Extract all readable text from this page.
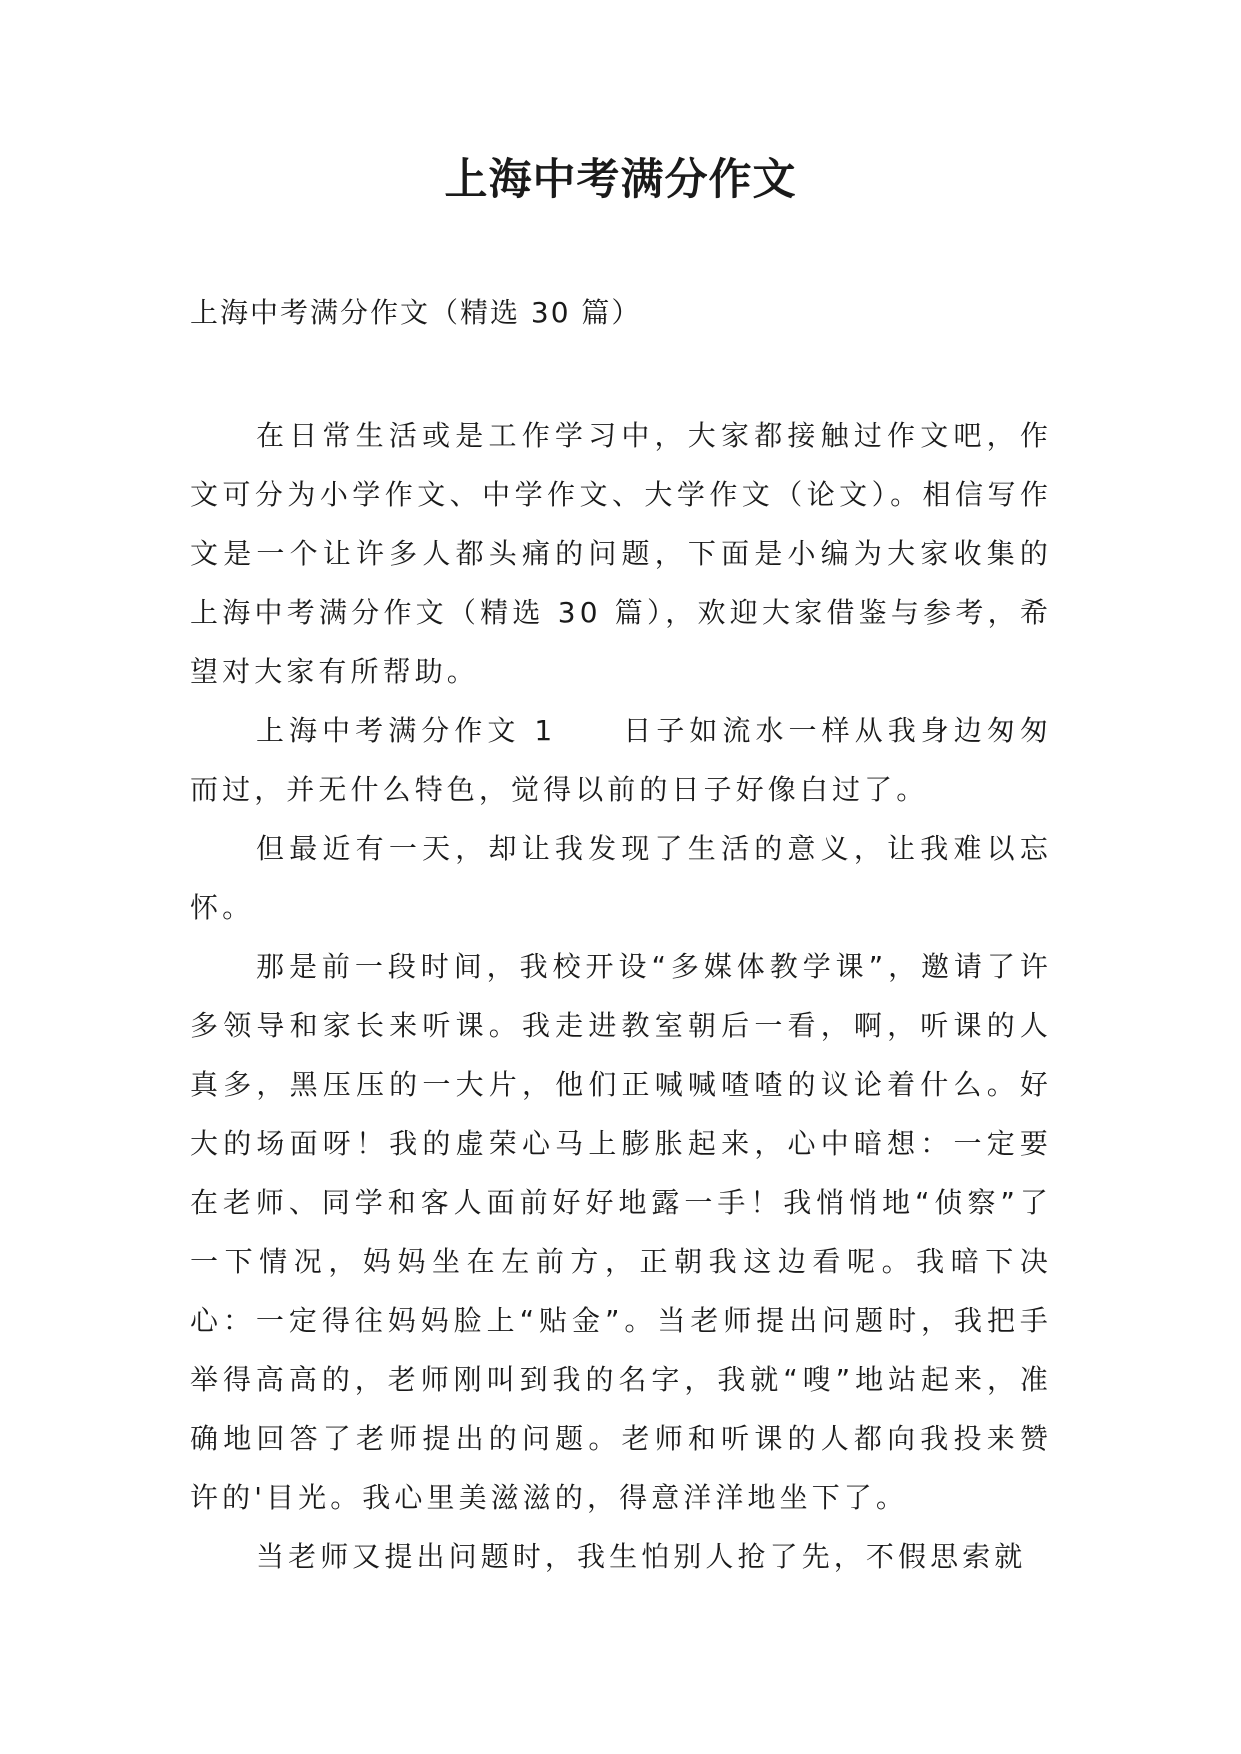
上海中考满分作文

上海中考满分作文（精选 30 篇）

在日常生活或是工作学习中，大家都接触过作文吧，作文可分为小学作文、中学作文、大学作文（论文）。相信写作文是一个让许多人都头痛的问题，下面是小编为大家收集的上海中考满分作文（精选 30 篇），欢迎大家借鉴与参考，希望对大家有所帮助。

上海中考满分作文 1　　日子如流水一样从我身边匆匆而过，并无什么特色，觉得以前的日子好像白过了。

但最近有一天，却让我发现了生活的意义，让我难以忘怀。

那是前一段时间，我校开设“多媒体教学课”，邀请了许多领导和家长来听课。我走进教室朝后一看，啊，听课的人真多，黑压压的一大片，他们正喊喊喳喳的议论着什么。好大的场面呀！我的虚荣心马上膨胀起来，心中暗想：一定要在老师、同学和客人面前好好地露一手！我悄悄地“侦察”了一下情况，妈妈坐在左前方，正朝我这边看呢。我暗下决心：一定得往妈妈脸上“贴金”。当老师提出问题时，我把手举得高高的，老师刚叫到我的名字，我就“嗖”地站起来，准确地回答了老师提出的问题。老师和听课的人都向我投来赞许的'目光。我心里美滋滋的，得意洋洋地坐下了。

当老师又提出问题时，我生怕别人抢了先，不假思索就
